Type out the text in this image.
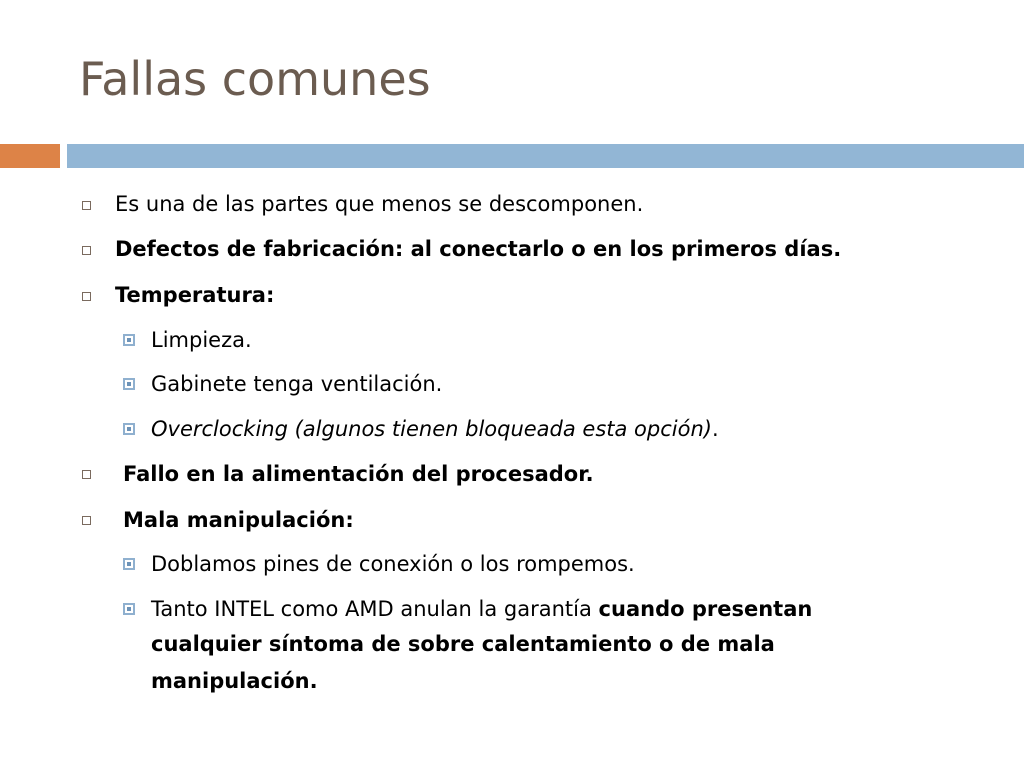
Fallas comunes
Es una de las partes que menos se descomponen.
Defectos de fabricación: al conectarlo o en los primeros días.
Temperatura:
Limpieza.
Gabinete tenga ventilación.
Overclocking (algunos tienen bloqueada esta opción).
Fallo en la alimentación del procesador.
Mala manipulación:
Doblamos pines de conexión o los rompemos.
Tanto INTEL como AMD anulan la garantía cuando presentan
cualquier síntoma de sobre calentamiento o de mala
manipulación.
